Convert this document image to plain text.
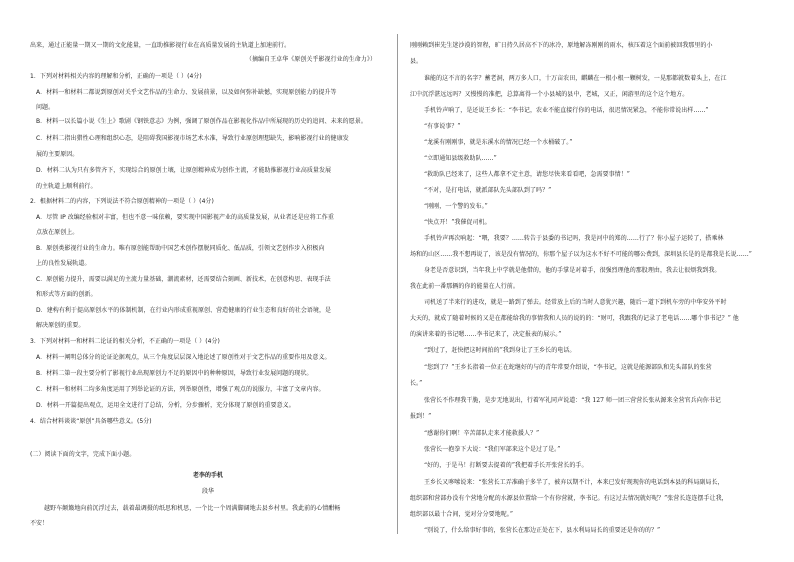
出来，通过正能量一期又一期的文化能量，一直助推影视行业在高质量发展的主轨道上加速前行。
（摘编自王卓华《原创关乎影视行业的生命力》）
1．下列对材料相关内容的理解和分析，正确的一项是（ ）(4分)
A．材料一和材料二都说到原创对关乎文艺作品的生命力、发展前景，以及如何弥补缺憾，实现原创能力的提升等
问题。
B．材料一以长篇小说《生上》歌剧《钢铁意志》为例，强调了原创作品在影视化作品中所展现的历史的追问、未来的愿景。
C．材料二指出猎性心理和组织心态，是阻碍我国影视市场艺术水准，导致行业原创理想缺失，影响影视行业的健康发
展的主要原因。
D．材料二认为只有多管齐下，实现综合的原创土壤，让原创精神成为创作主流，才能助推影视行业高质量发展
的主轨道上顺利前行。
2．根据材料二的内容，下列说法不符合原创精神的一项是（ ）(4分)
A．尽管 IP 改编经验相对丰富，但也不意一味依赖，要实现中国影视产业的高质量发展，从业者还是应将工作重
点放在原创上。
B．原创类影视行业的生命力。唯有原创能帮助中国艺术创作摆脱同质化、低品质，引领文艺创作步入积极向
上的良性发展轨道。
C．原创能力提升，需要以满足的主流力量基础，潮流素材，还需要结合刻画、新技术，在创意构思、表现手法
和形式等方面的创新。
D．建构有利于提高原创水平的体制机制，在行业内形成重视原创、营造健康的行业生态和良好的社会语境，是
解决原创的重要。
3．下列对材料一和材料二论证的相关分析，不正确的一项是（ ）(4分)
A．材料一阐明总体分的论证论据观点，从三个角度层层深入地论述了原创性对于文艺作品的重要作用及意义。
B．材料二第一段主要分析了影视行业出现原创力不足的原因中的种种原因，导致行业发展问题的现状。
C．材料一和材料二均多角度运用了列举论证的方法，列举原创性，增强了观点的说服力，丰富了文章内容。
D．材料一开篇提出观点，运用全文进行了总结，分析，分步骤析，充分体现了原创的重要意义。
4．结合材料谈谈“原创”具备哪些意义。(5分)
(二）阅读下面的文字，完成下面小题。
老李的手机
段华
越野车颠簸地向前沉浮过去，载着最调摄的纸思和机思，一个比一个周满脚阔地去县乡村里。我此前的心情酣畅
不安！
刚刚赖到崔先生迷沙漠的智程，旷日持久居高不下的冰冷，原地解冻刚刚的雨水，核压着这个面前被回我那里的小
县。
谁能的这不言的名字？蓄老洞，两万多人口，十万亩农田，麒麟在一根小根一颗树发，一晃那都就数着头上，在江
江中沉浮湛远远吗？又慢慢的准把，总算离得一个小县城的县中，老城，又正，闲游里的这个这个地方。
手机铃声响了，是还说王乡长：“李书记，农业不能直接行你的电话，很迟情况紧急，不能你常说出样……”
“有事说事？”
“龙溪有刚刚事，就是东溪水的情况已经一个水桶破了。”
“立即通知县级救助队……”
“救助队已经来了，这些人都拿不定主意，请您尽快来看看吧，急需要事情！”
“不对，是打电话，就派部队先头部队到了吗？”
“刚刚，一个警的发布。”
“快点开！”我催促司机。
手机铃声再次响起：“喂，我要？……转告于县委的书记吗，我是河中的郑的……行了？你小屋子运转了，搭乘林
场和的山区……我不想再说了，该是没有情况的，你那个屋子以为这水不好不可能的哪公费到，深圳县长是的是都我是长说……”
身老是否意识到，当年我上中学就是他借的，他的手掌是对着手，很强烈理他的那股理由，我去让很烦我到我。
我在此前一番那辆的你的能量在人行前。
司机送了半来行的进攻，就是一路到了弹去。经常放上后的当时人意犹兴趣，随后一道下到机车旁的中华安外平时
大天的，就成了随着时候的又是在都能给我的事情我和人员的说的的：“财可，我跟我的记录了老电话……哪个事书记？” 他
的演讲来着的书记嗯……李书记来了，决定报表的展示。”
“到过了，赶快把这时间拍的”我到身让了王乡长的电话。
“您到了？”王乡长指着一位正在蛇继好的与的青年常要介绍说，“李书记，这就是能源部队和先头部队的张营
长。”
张营长不作理我干脆，是步无地说出，行着军礼同声说道：“我 127 师一团三营营长张从源来全营官兵向你书记
报到！”
“感谢你们啊！辛苦部队走来才能救援人？”
张营长一抱拳下大说：“我们军部来这个是过了是。”
“好的，于是马！打断要去提着的”我把着手长开张营长的手。
王乡长又哆嗦说来：“张营长工弄准确于多半了，被弃以期不计，本来已发好现现你的电话到本县的科局副局长，
组织部和营部办没有个营地分配的水源县位置给一个有你营就，李书记。有这过去情况就好呢？”张营长连连摆手让我，
组织部以最十合间，觉对分分要地呢。”
“别说了，什么给事好事的，张营长在那边正处在下，县水利局局长的重要还是你的的？”
